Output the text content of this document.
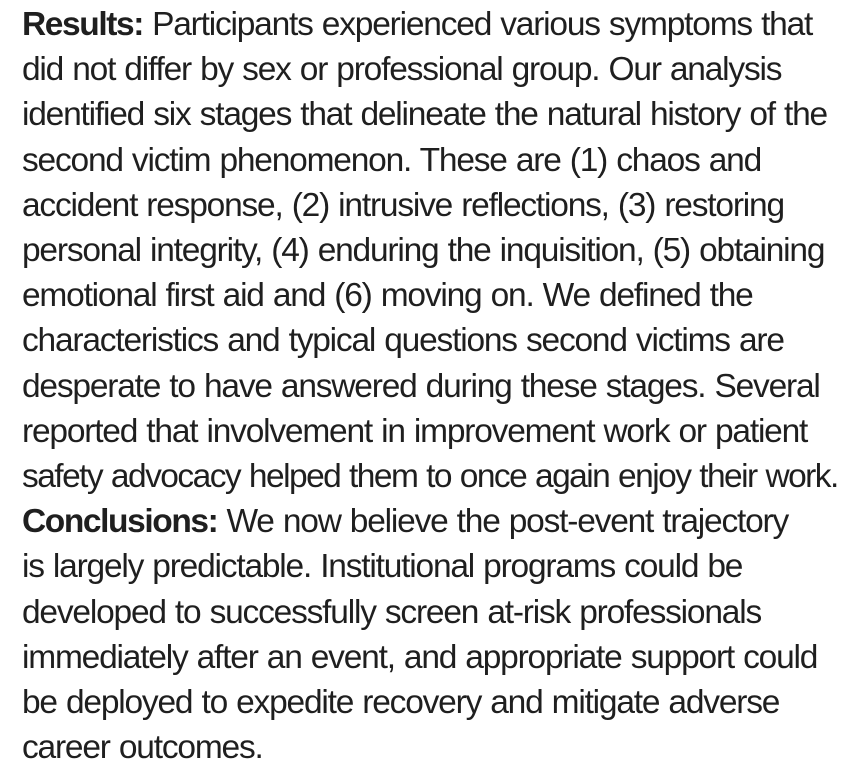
Results: Participants experienced various symptoms that
did not differ by sex or professional group. Our analysis
identified six stages that delineate the natural history of the
second victim phenomenon. These are (1) chaos and
accident response, (2) intrusive reflections, (3) restoring
personal integrity, (4) enduring the inquisition, (5) obtaining
emotional first aid and (6) moving on. We defined the
characteristics and typical questions second victims are
desperate to have answered during these stages. Several
reported that involvement in improvement work or patient
safety advocacy helped them to once again enjoy their work.
Conclusions: We now believe the post-event trajectory
is largely predictable. Institutional programs could be
developed to successfully screen at-risk professionals
immediately after an event, and appropriate support could
be deployed to expedite recovery and mitigate adverse
career outcomes.
